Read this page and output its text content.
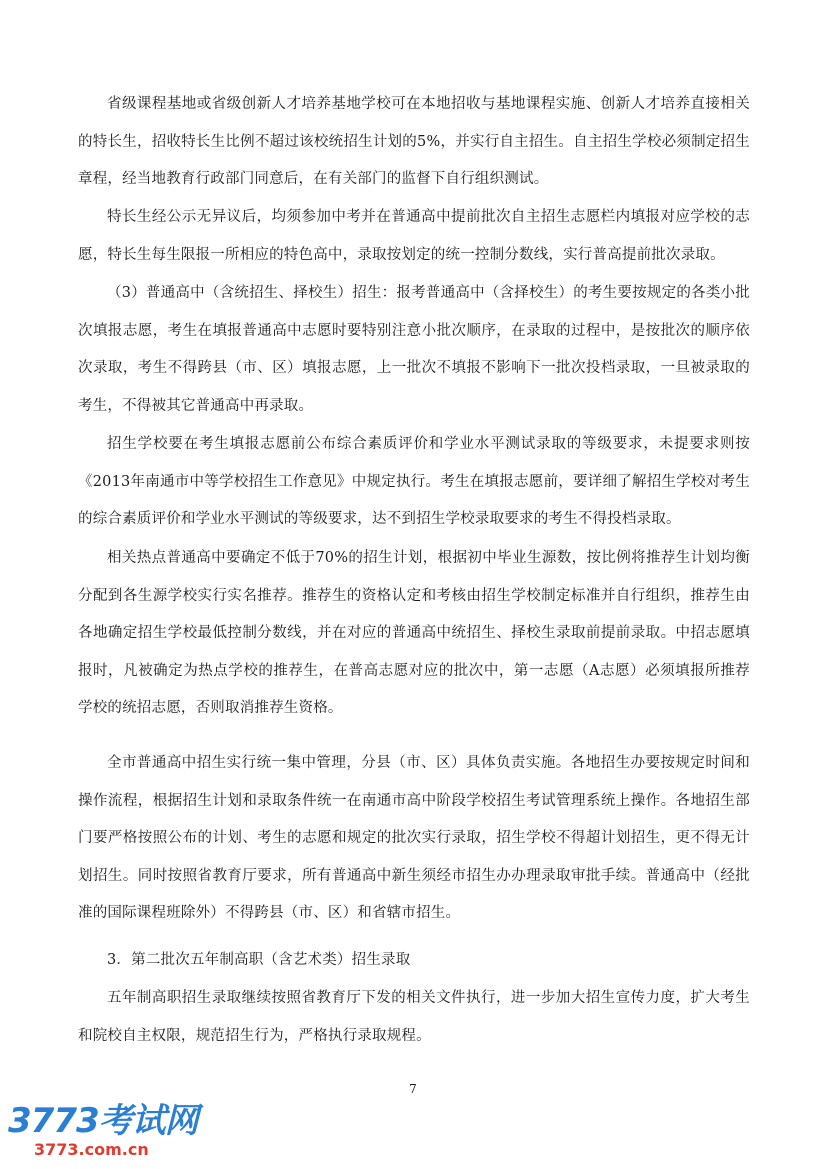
省级课程基地或省级创新人才培养基地学校可在本地招收与基地课程实施、创新人才培养直接相关的特长生，招收特长生比例不超过该校统招生计划的5%，并实行自主招生。自主招生学校必须制定招生章程，经当地教育行政部门同意后，在有关部门的监督下自行组织测试。

特长生经公示无异议后，均须参加中考并在普通高中提前批次自主招生志愿栏内填报对应学校的志愿，特长生每生限报一所相应的特色高中，录取按划定的统一控制分数线，实行普高提前批次录取。

（3）普通高中（含统招生、择校生）招生：报考普通高中（含择校生）的考生要按规定的各类小批次填报志愿，考生在填报普通高中志愿时要特别注意小批次顺序，在录取的过程中，是按批次的顺序依次录取，考生不得跨县（市、区）填报志愿，上一批次不填报不影响下一批次投档录取，一旦被录取的考生，不得被其它普通高中再录取。

招生学校要在考生填报志愿前公布综合素质评价和学业水平测试录取的等级要求，未提要求则按《2013年南通市中等学校招生工作意见》中规定执行。考生在填报志愿前，要详细了解招生学校对考生的综合素质评价和学业水平测试的等级要求，达不到招生学校录取要求的考生不得投档录取。

相关热点普通高中要确定不低于70%的招生计划，根据初中毕业生源数，按比例将推荐生计划均衡分配到各生源学校实行实名推荐。推荐生的资格认定和考核由招生学校制定标准并自行组织，推荐生由各地确定招生学校最低控制分数线，并在对应的普通高中统招生、择校生录取前提前录取。中招志愿填报时，凡被确定为热点学校的推荐生，在普高志愿对应的批次中，第一志愿（A志愿）必须填报所推荐学校的统招志愿，否则取消推荐生资格。

全市普通高中招生实行统一集中管理，分县（市、区）具体负责实施。各地招生办要按规定时间和操作流程，根据招生计划和录取条件统一在南通市高中阶段学校招生考试管理系统上操作。各地招生部门要严格按照公布的计划、考生的志愿和规定的批次实行录取，招生学校不得超计划招生，更不得无计划招生。同时按照省教育厅要求，所有普通高中新生须经市招生办办理录取审批手续。普通高中（经批准的国际课程班除外）不得跨县（市、区）和省辖市招生。

3．第二批次五年制高职（含艺术类）招生录取

五年制高职招生录取继续按照省教育厅下发的相关文件执行，进一步加大招生宣传力度，扩大考生和院校自主权限，规范招生行为，严格执行录取规程。

7

3773考试网
3773.com.cn
